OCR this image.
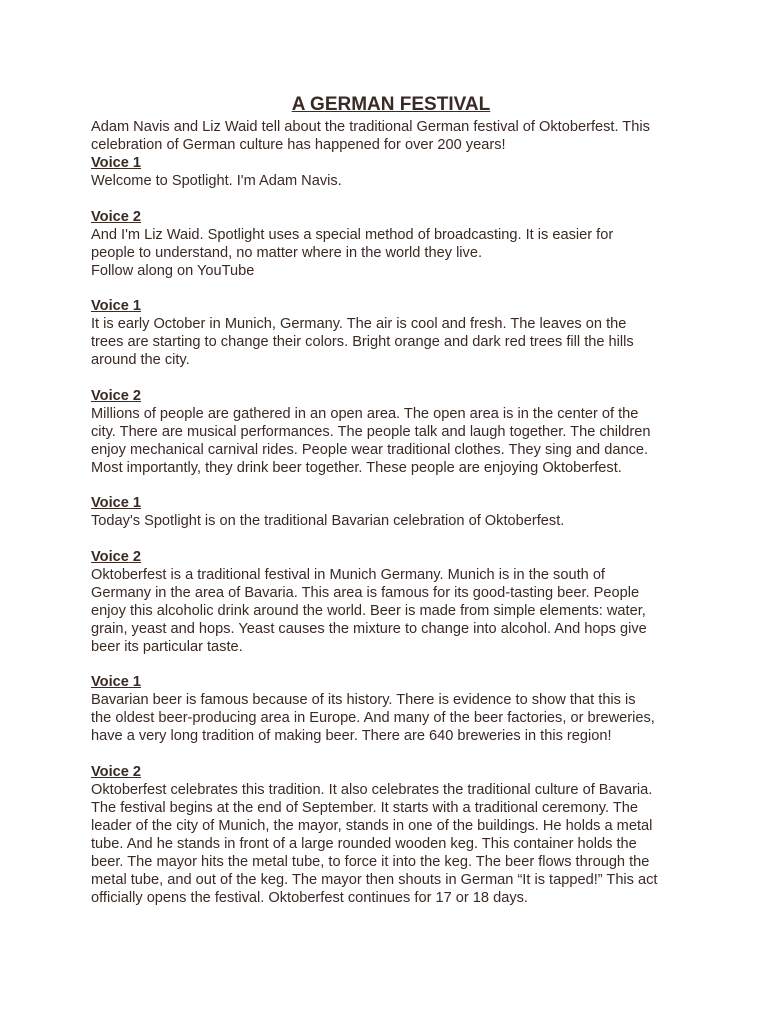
A GERMAN FESTIVAL

Adam Navis and Liz Waid tell about the traditional German festival of Oktoberfest. This

celebration of German culture has happened for over 200 years!

Voice 1

Welcome to Spotlight. I'm Adam Navis.

Voice 2

And I'm Liz Waid. Spotlight uses a special method of broadcasting. It is easier for

people to understand, no matter where in the world they live.

Follow along on YouTube

Voice 1

It is early October in Munich, Germany. The air is cool and fresh. The leaves on the

trees are starting to change their colors. Bright orange and dark red trees fill the hills

around the city.

Voice 2

Millions of people are gathered in an open area. The open area is in the center of the

city. There are musical performances. The people talk and laugh together. The children

enjoy mechanical carnival rides. People wear traditional clothes. They sing and dance.

Most importantly, they drink beer together. These people are enjoying Oktoberfest.

Voice 1

Today's Spotlight is on the traditional Bavarian celebration of Oktoberfest.

Voice 2

Oktoberfest is a traditional festival in Munich Germany. Munich is in the south of

Germany in the area of Bavaria. This area is famous for its good-tasting beer. People

enjoy this alcoholic drink around the world. Beer is made from simple elements: water,

grain, yeast and hops. Yeast causes the mixture to change into alcohol. And hops give

beer its particular taste.

Voice 1

Bavarian beer is famous because of its history. There is evidence to show that this is

the oldest beer-producing area in Europe. And many of the beer factories, or breweries,

have a very long tradition of making beer. There are 640 breweries in this region!

Voice 2

Oktoberfest celebrates this tradition. It also celebrates the traditional culture of Bavaria.

The festival begins at the end of September. It starts with a traditional ceremony. The

leader of the city of Munich, the mayor, stands in one of the buildings. He holds a metal

tube. And he stands in front of a large rounded wooden keg. This container holds the

beer. The mayor hits the metal tube, to force it into the keg. The beer flows through the

metal tube, and out of the keg. The mayor then shouts in German “It is tapped!” This act

officially opens the festival. Oktoberfest continues for 17 or 18 days.
